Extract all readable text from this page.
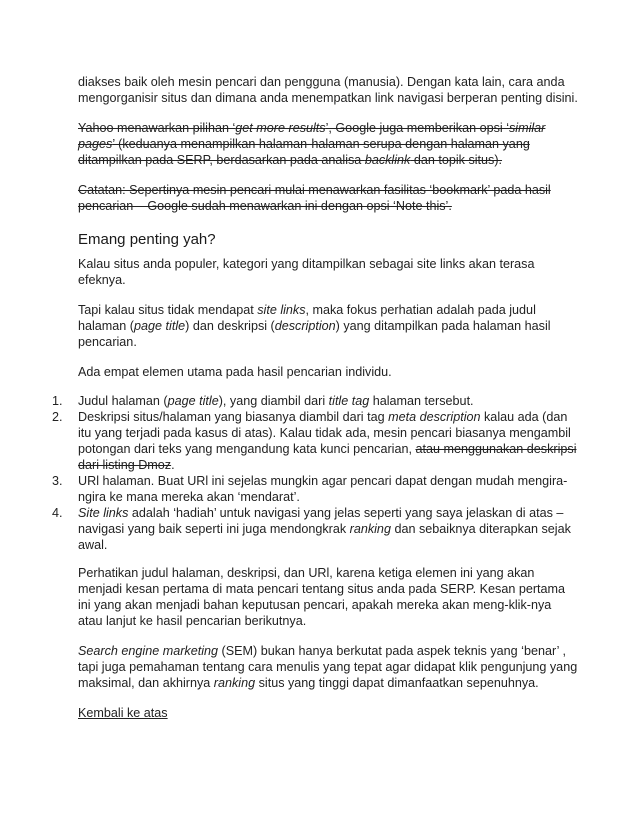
diakses baik oleh mesin pencari dan pengguna (manusia). Dengan kata lain, cara anda mengorganisir situs dan dimana anda menempatkan link navigasi berperan penting disini.

Yahoo menawarkan pilihan ‘get more results’, Google juga memberikan opsi ‘similar pages’ (keduanya menampilkan halaman-halaman serupa dengan halaman yang ditampilkan pada SERP, berdasarkan pada analisa backlink dan topik situs).

Catatan: Sepertinya mesin pencari mulai menawarkan fasilitas ‘bookmark’ pada hasil pencarian – Google sudah menawarkan ini dengan opsi ‘Note this’.

Emang penting yah?

Kalau situs anda populer, kategori yang ditampilkan sebagai site links akan terasa efeknya.

Tapi kalau situs tidak mendapat site links, maka fokus perhatian adalah pada judul halaman (page title) dan deskripsi (description) yang ditampilkan pada halaman hasil pencarian.

Ada empat elemen utama pada hasil pencarian individu.

1.	Judul halaman (page title), yang diambil dari title tag halaman tersebut.
2.	Deskripsi situs/halaman yang biasanya diambil dari tag meta description kalau ada (dan itu yang terjadi pada kasus di atas). Kalau tidak ada, mesin pencari biasanya mengambil potongan dari teks yang mengandung kata kunci pencarian, atau menggunakan deskripsi dari listing Dmoz.
3.	URl halaman. Buat URl ini sejelas mungkin agar pencari dapat dengan mudah mengira-ngira ke mana mereka akan ‘mendarat’.
4.	Site links adalah ‘hadiah’ untuk navigasi yang jelas seperti yang saya jelaskan di atas – navigasi yang baik seperti ini juga mendongkrak ranking dan sebaiknya diterapkan sejak awal.

Perhatikan judul halaman, deskripsi, dan URl, karena ketiga elemen ini yang akan menjadi kesan pertama di mata pencari tentang situs anda pada SERP. Kesan pertama ini yang akan menjadi bahan keputusan pencari, apakah mereka akan meng-klik-nya atau lanjut ke hasil pencarian berikutnya.

Search engine marketing (SEM) bukan hanya berkutat pada aspek teknis yang ‘benar’ , tapi juga pemahaman tentang cara menulis yang tepat agar didapat klik pengunjung yang maksimal, dan akhirnya ranking situs yang tinggi dapat dimanfaatkan sepenuhnya.

Kembali ke atas
